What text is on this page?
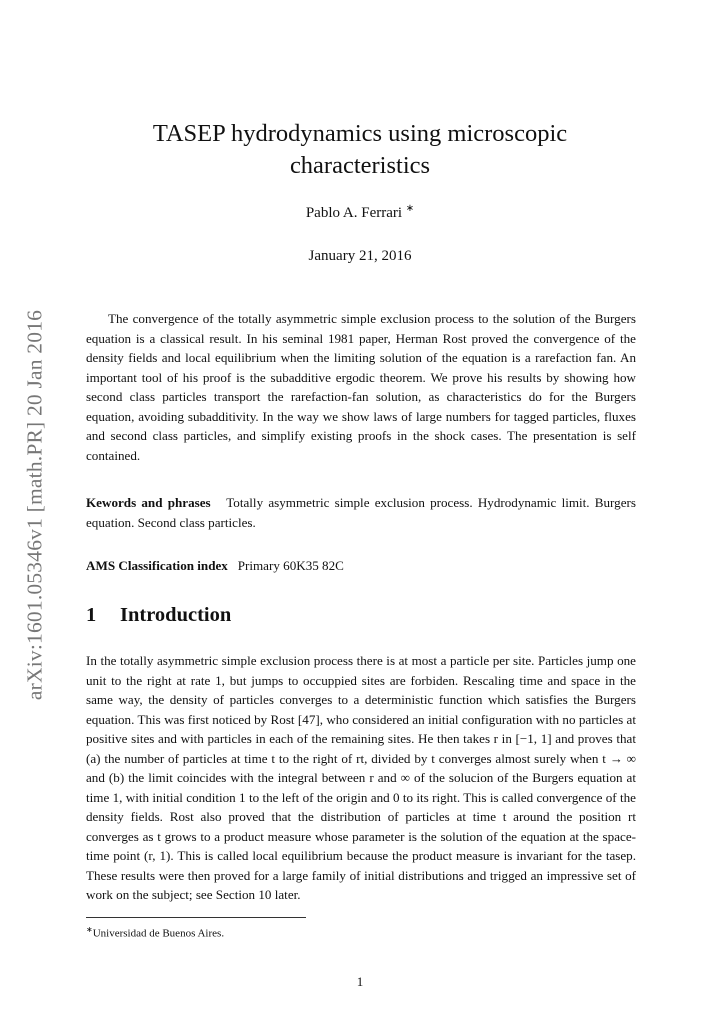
arXiv:1601.05346v1 [math.PR] 20 Jan 2016
TASEP hydrodynamics using microscopic
characteristics
Pablo A. Ferrari ∗
January 21, 2016

The convergence of the totally asymmetric simple exclusion process to the solution of the Burgers equation is a classical result. In his seminal 1981 paper, Herman Rost proved the convergence of the density fields and local equilibrium when the limiting solution of the equation is a rarefaction fan. An important tool of his proof is the subadditive ergodic theorem. We prove his results by showing how second class particles transport the rarefaction-fan solution, as characteristics do for the Burgers equation, avoiding subadditivity. In the way we show laws of large numbers for tagged particles, fluxes and second class particles, and simplify existing proofs in the shock cases. The presentation is self contained.

Kewords and phrases Totally asymmetric simple exclusion process. Hydrodynamic limit. Burgers equation. Second class particles.

AMS Classification index Primary 60K35 82C

1 Introduction

In the totally asymmetric simple exclusion process there is at most a particle per site. Particles jump one unit to the right at rate 1, but jumps to occuppied sites are forbiden. Rescaling time and space in the same way, the density of particles converges to a deterministic function which satisfies the Burgers equation. This was first noticed by Rost [47], who considered an initial configuration with no particles at positive sites and with particles in each of the remaining sites. He then takes r in [−1, 1] and proves that (a) the number of particles at time t to the right of rt, divided by t converges almost surely when t → ∞ and (b) the limit coincides with the integral between r and ∞ of the solucion of the Burgers equation at time 1, with initial condition 1 to the left of the origin and 0 to its right. This is called convergence of the density fields. Rost also proved that the distribution of particles at time t around the position rt converges as t grows to a product measure whose parameter is the solution of the equation at the space-time point (r, 1). This is called local equilibrium because the product measure is invariant for the tasep. These results were then proved for a large family of initial distributions and trigged an impressive set of work on the subject; see Section 10 later.

∗Universidad de Buenos Aires.
1
